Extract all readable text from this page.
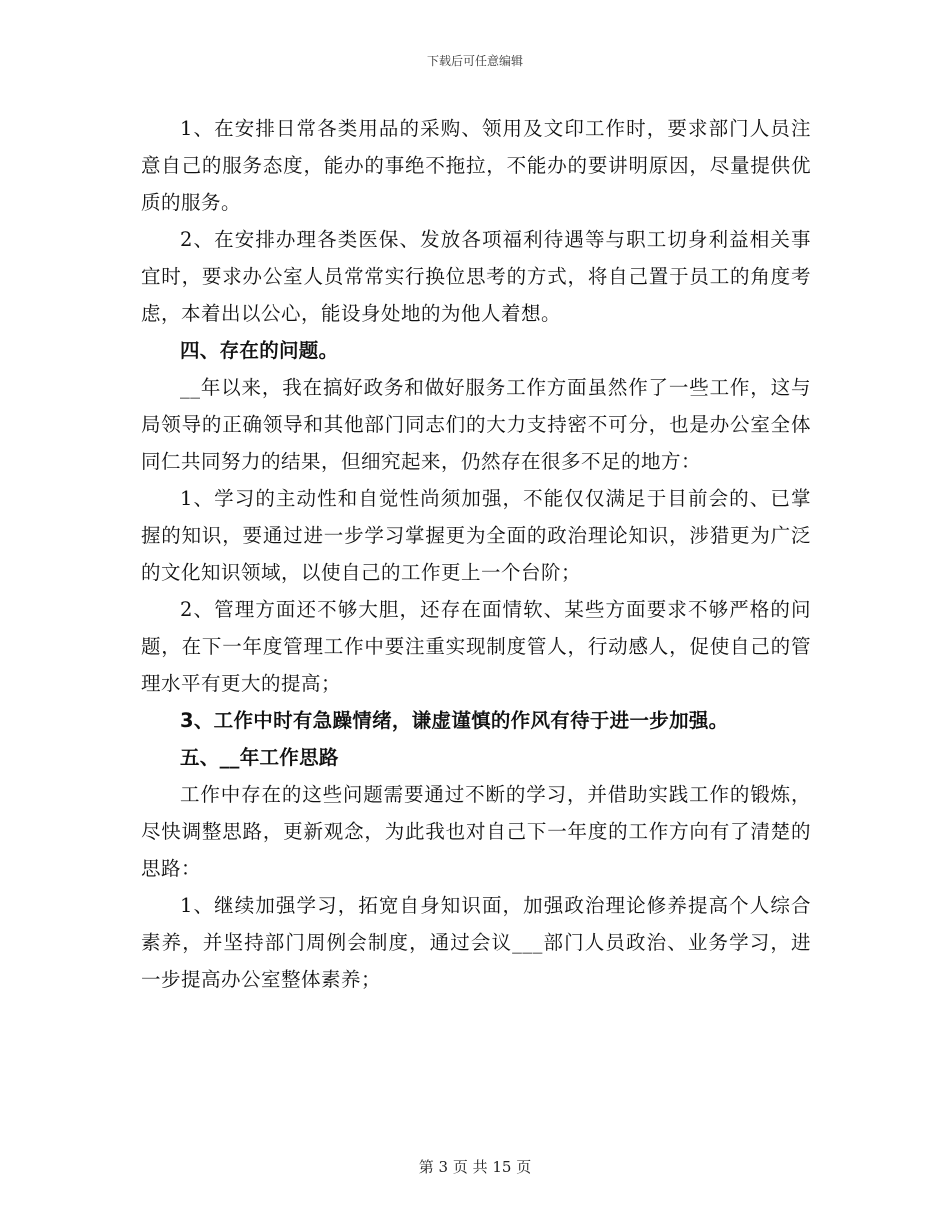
下载后可任意编辑

1、在安排日常各类用品的采购、领用及文印工作时，要求部门人员注意自己的服务态度，能办的事绝不拖拉，不能办的要讲明原因，尽量提供优质的服务。

2、在安排办理各类医保、发放各项福利待遇等与职工切身利益相关事宜时，要求办公室人员常常实行换位思考的方式，将自己置于员工的角度考虑，本着出以公心，能设身处地的为他人着想。

四、存在的问题。

__年以来，我在搞好政务和做好服务工作方面虽然作了一些工作，这与局领导的正确领导和其他部门同志们的大力支持密不可分，也是办公室全体同仁共同努力的结果，但细究起来，仍然存在很多不足的地方：

1、学习的主动性和自觉性尚须加强，不能仅仅满足于目前会的、已掌握的知识，要通过进一步学习掌握更为全面的政治理论知识，涉猎更为广泛的文化知识领域，以使自己的工作更上一个台阶；

2、管理方面还不够大胆，还存在面情软、某些方面要求不够严格的问题，在下一年度管理工作中要注重实现制度管人，行动感人，促使自己的管理水平有更大的提高；

3、工作中时有急躁情绪，谦虚谨慎的作风有待于进一步加强。

五、__年工作思路

工作中存在的这些问题需要通过不断的学习，并借助实践工作的锻炼，尽快调整思路，更新观念，为此我也对自己下一年度的工作方向有了清楚的思路：

1、继续加强学习，拓宽自身知识面，加强政治理论修养提高个人综合素养，并坚持部门周例会制度，通过会议___部门人员政治、业务学习，进一步提高办公室整体素养；

第 3 页 共 15 页
